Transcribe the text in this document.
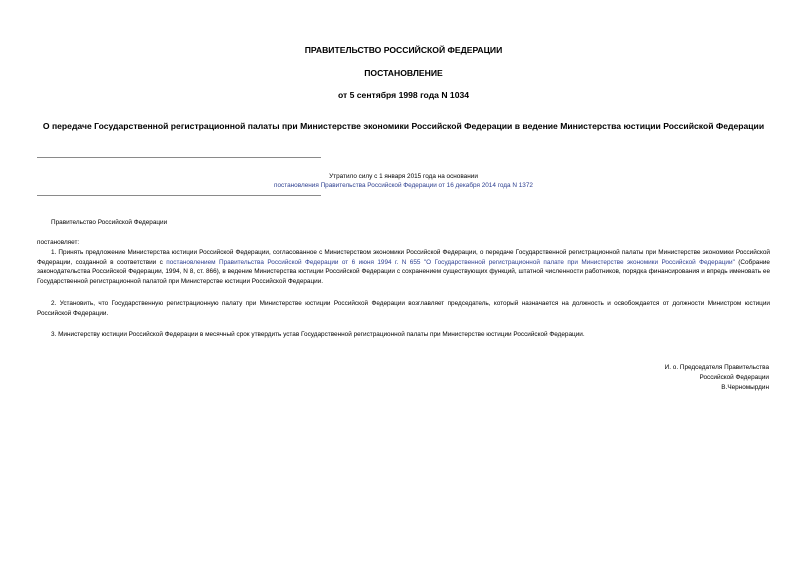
ПРАВИТЕЛЬСТВО РОССИЙСКОЙ ФЕДЕРАЦИИ
ПОСТАНОВЛЕНИЕ
от 5 сентября 1998 года N 1034
О передаче Государственной регистрационной палаты при Министерстве экономики Российской Федерации в ведение Министерства юстиции Российской Федерации
Утратило силу с 1 января 2015 года на основании
постановления Правительства Российской Федерации от 16 декабря 2014 года N 1372
Правительство Российской Федерации
постановляет:
1. Принять предложение Министерства юстиции Российской Федерации, согласованное с Министерством экономики Российской Федерации, о передаче Государственной регистрационной палаты при Министерстве экономики Российской Федерации, созданной в соответствии с постановлением Правительства Российской Федерации от 6 июня 1994 г. N 655 "О Государственной регистрационной палате при Министерстве экономики Российской Федерации" (Собрание законодательства Российской Федерации, 1994, N 8, ст. 866), в ведение Министерства юстиции Российской Федерации с сохранением существующих функций, штатной численности работников, порядка финансирования и впредь именовать ее Государственной регистрационной палатой при Министерстве юстиции Российской Федерации.
2. Установить, что Государственную регистрационную палату при Министерстве юстиции Российской Федерации возглавляет председатель, который назначается на должность и освобождается от должности Министром юстиции Российской Федерации.
3. Министерству юстиции Российской Федерации в месячный срок утвердить устав Государственной регистрационной палаты при Министерстве юстиции Российской Федерации.
И. о. Председателя Правительства
Российской Федерации
В.Черномырдин
